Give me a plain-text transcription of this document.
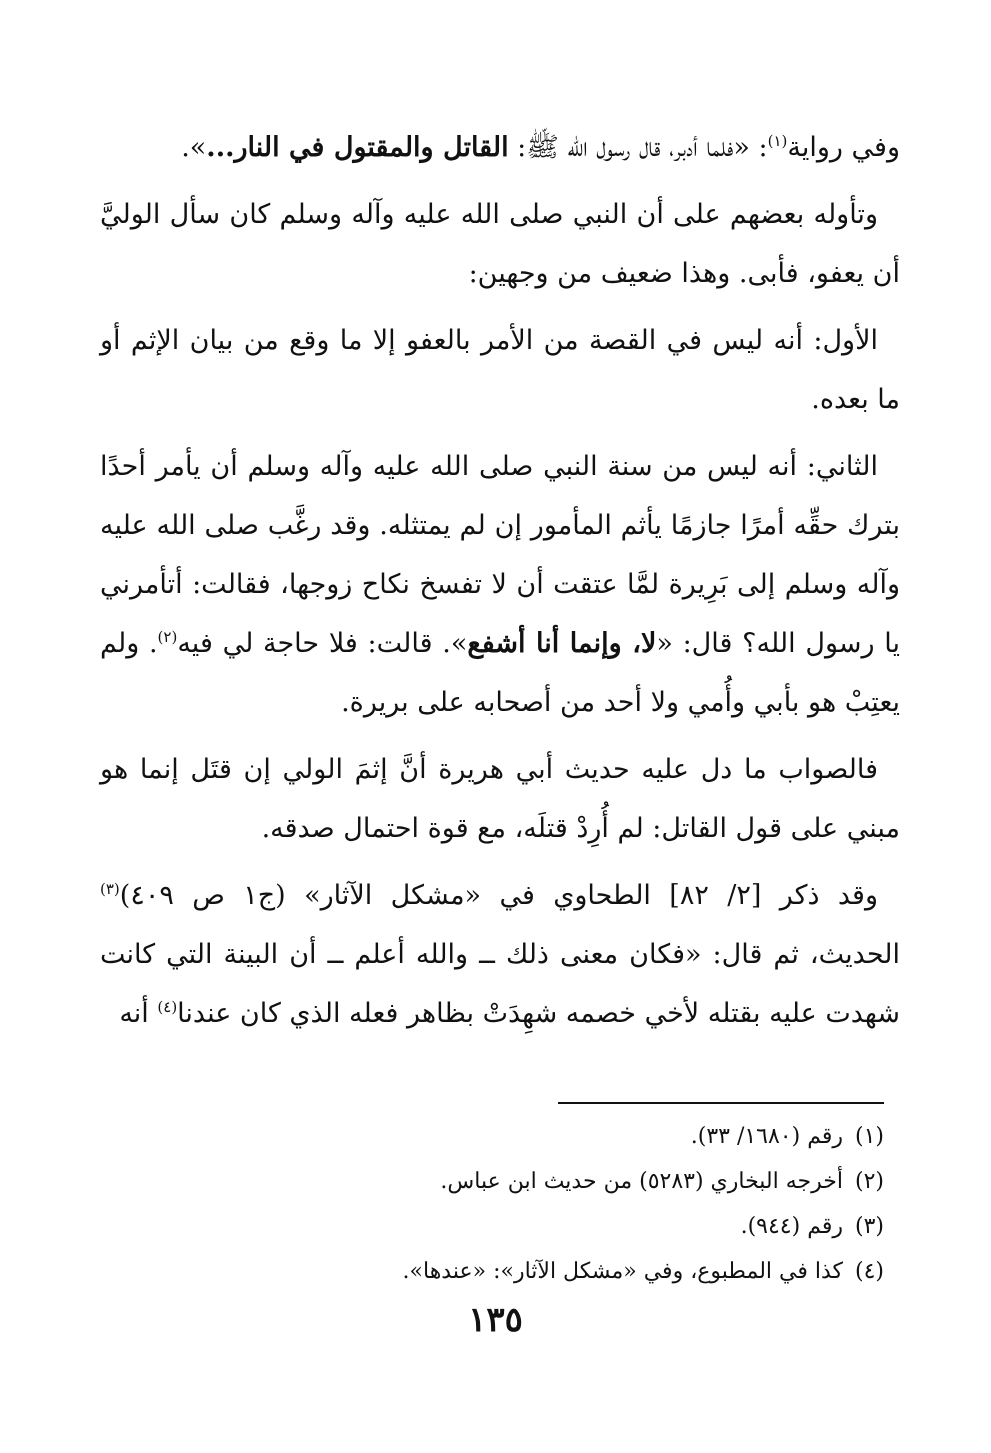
وفي رواية$^{(١)}$: «فلما أدبر، قال رسول الله ﷺ: القاتل والمقتول في النار...».

وتأوله بعضهم على أن النبي صلى الله عليه وآله وسلم كان سأل الوليَّ أن يعفو، فأبى. وهذا ضعيف من وجهين:

الأول: أنه ليس في القصة من الأمر بالعفو إلا ما وقع من بيان الإثم أو ما بعده.

الثاني: أنه ليس من سنة النبي صلى الله عليه وآله وسلم أن يأمر أحدًا بترك حقِّه أمرًا جازمًا يأثم المأمور إن لم يمتثله. وقد رغَّب صلى الله عليه وآله وسلم إلى بَرِيرة لمَّا عتقت أن لا تفسخ نكاح زوجها، فقالت: أتأمرني يا رسول الله؟ قال: «لا، وإنما أنا أشفع». قالت: فلا حاجة لي فيه$^{(٢)}$. ولم يعتِبْ هو بأبي وأُمي ولا أحد من أصحابه على بريرة.

فالصواب ما دل عليه حديث أبي هريرة أنَّ إثمَ الولي إن قتَل إنما هو مبني على قول القاتل: لم أُرِدْ قتلَه، مع قوة احتمال صدقه.

وقد ذكر [٢/ ٨٢] الطحاوي في «مشكل الآثار» (ج١ ص ٤٠٩)$^{(٣)}$ الحديث، ثم قال: «فكان معنى ذلك ــ والله أعلم ــ أن البينة التي كانت شهدت عليه بقتله لأخي خصمه شهِدَتْ بظاهر فعله الذي كان عندنا$^{(٤)}$ أنه

(١)رقم (١٦٨٠/ ٣٣).
(٢)أخرجه البخاري (٥٢٨٣) من حديث ابن عباس.
(٣)رقم (٩٤٤).
(٤)كذا في المطبوع، وفي «مشكل الآثار»: «عندها».
١٣٥
